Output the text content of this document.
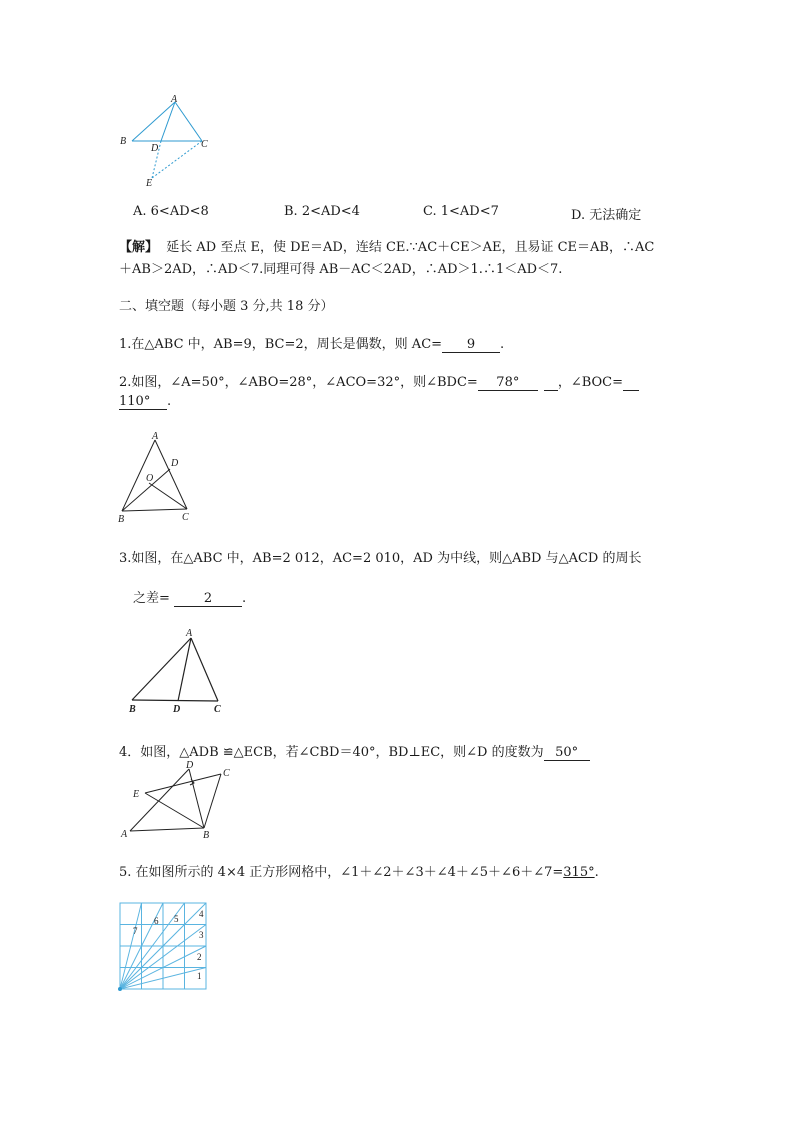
A
B	C
D
E
A. 6<AD<8	B. 2<AD<4	C. 1<AD<7	D. 无法确定
【解】 延长 AD 至点 E，使 DE＝AD，连结 CE.∵AC＋CE＞AE，且易证 CE＝AB，∴AC
＋AB＞2AD，∴AD＜7.同理可得 AB－AC＜2AD，∴AD＞1.∴1＜AD＜7.
二、填空题（每小题 3 分,共 18 分）
1.在△ABC 中，AB=9，BC=2，周长是偶数，则 AC= 9 .
2.如图，∠A=50°，∠ABO=28°，∠ACO=32°，则∠BDC= 78°	，∠BOC=
110° .
A
D
O
B	C
3.如图，在△ABC 中，AB=2 012，AC=2 010，AD 为中线，则△ABD 与△ACD 的周长
之差=	2 .
A
B	D	C
4．如图，△ADB ≌△ECB，若∠CBD＝40°，BD⊥EC，则∠D 的度数为 50°
D
C
E
A	B
5. 在如图所示的 4×4 正方形网格中，∠1＋∠2＋∠3＋∠4＋∠5＋∠6＋∠7=315°.
1
2
3
4
5
6
7
